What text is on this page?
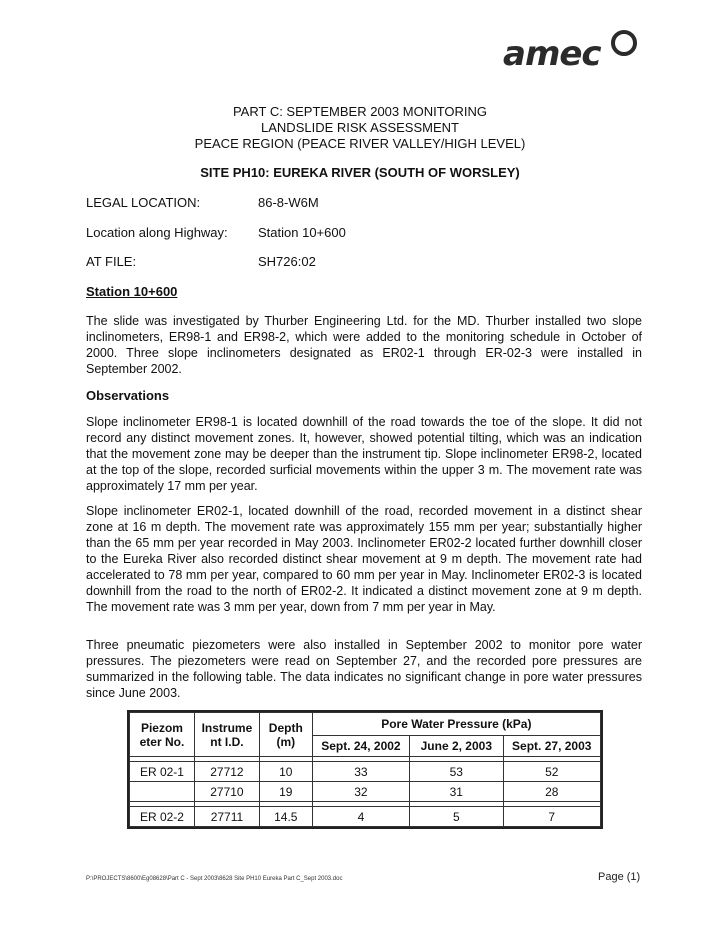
amec
PART C: SEPTEMBER 2003 MONITORING
LANDSLIDE RISK ASSESSMENT
PEACE REGION (PEACE RIVER VALLEY/HIGH LEVEL)
SITE PH10: EUREKA RIVER (SOUTH OF WORSLEY)
LEGAL LOCATION:	86-8-W6M
Location along Highway: Station 10+600
AT FILE:	SH726:02
Station 10+600
The slide was investigated by Thurber Engineering Ltd. for the MD. Thurber installed two slope inclinometers, ER98-1 and ER98-2, which were added to the monitoring schedule in October of 2000. Three slope inclinometers designated as ER02-1 through ER-02-3 were installed in September 2002.
Observations
Slope inclinometer ER98-1 is located downhill of the road towards the toe of the slope. It did not record any distinct movement zones. It, however, showed potential tilting, which was an indication that the movement zone may be deeper than the instrument tip. Slope inclinometer ER98-2, located at the top of the slope, recorded surficial movements within the upper 3 m. The movement rate was approximately 17 mm per year.
Slope inclinometer ER02-1, located downhill of the road, recorded movement in a distinct shear zone at 16 m depth. The movement rate was approximately 155 mm per year; substantially higher than the 65 mm per year recorded in May 2003. Inclinometer ER02-2 located further downhill closer to the Eureka River also recorded distinct shear movement at 9 m depth. The movement rate had accelerated to 78 mm per year, compared to 60 mm per year in May. Inclinometer ER02-3 is located downhill from the road to the north of ER02-2. It indicated a distinct movement zone at 9 m depth. The movement rate was 3 mm per year, down from 7 mm per year in May.
Three pneumatic piezometers were also installed in September 2002 to monitor pore water pressures. The piezometers were read on September 27, and the recorded pore pressures are summarized in the following table. The data indicates no significant change in pore water pressures since June 2003.
Piezom eter No.	Instrume nt I.D.	Depth (m)	Pore Water Pressure (kPa)		
			Sept. 24, 2002	June 2, 2003	Sept. 27, 2003

ER 02-1	27712	10	33	53	52
	27710	19	32	31	28

ER 02-2	27711	14.5	4	5	7
P:\PROJECTS\8600\Eg08628\Part C - Sept 2003\8628 Site PH10 Eureka Part C_Sept 2003.doc	Page (1)
